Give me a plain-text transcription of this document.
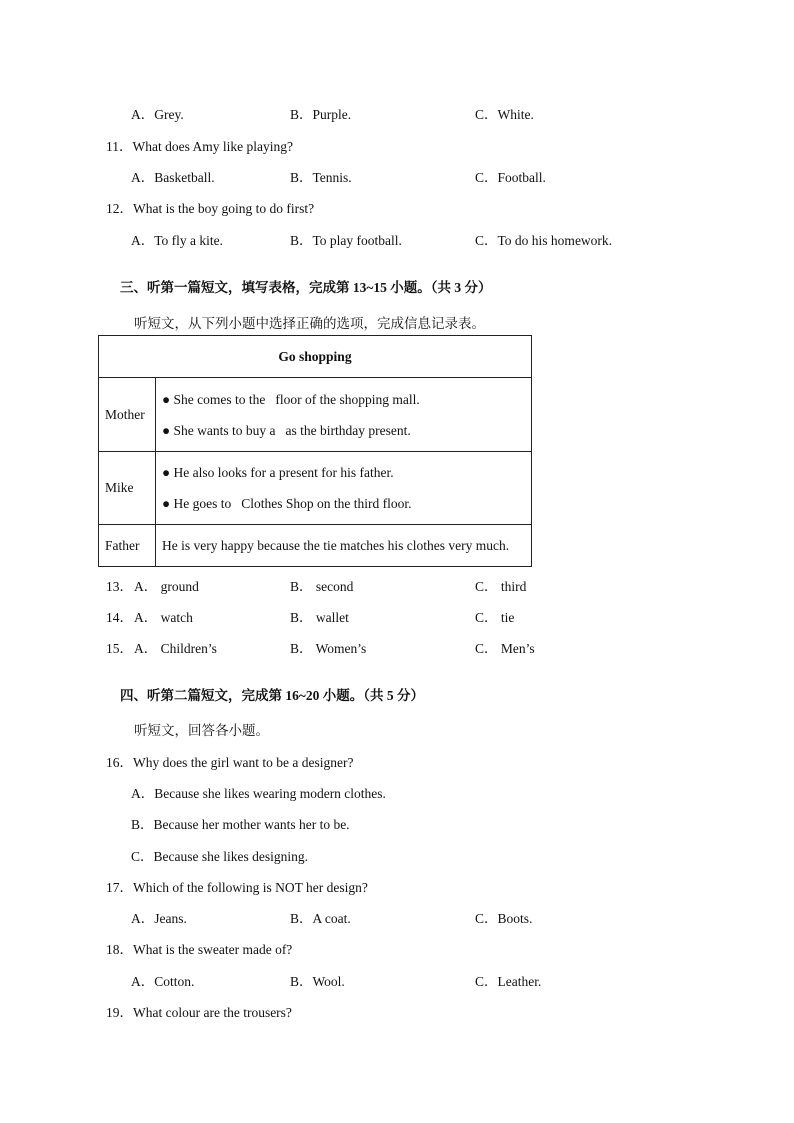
A．Grey.	B．Purple.	C．White.
11．What does Amy like playing?
A．Basketball.	B．Tennis.	C．Football.
12．What is the boy going to do first?
A．To fly a kite.	B．To play football.	C．To do his homework.
三、听第一篇短文，填写表格，完成第 13~15 小题。（共 3 分）
听短文，从下列小题中选择正确的选项，完成信息记录表。
Go shopping	
Mother	● She comes to the floor of the shopping mall.
● She wants to buy a as the birthday present.

Mike	● He also looks for a present for his father.
● He goes to Clothes Shop on the third floor.

Father	He is very happy because the tie matches his clothes very much.
13． A． ground	B． second	C． third
14． A． watch	B． wallet	C． tie
15． A． Children’s	B． Women’s	C． Men’s
四、听第二篇短文，完成第 16~20 小题。（共 5 分）
听短文，回答各小题。
16．Why does the girl want to be a designer?
A．Because she likes wearing modern clothes.
B．Because her mother wants her to be.
C．Because she likes designing.
17．Which of the following is NOT her design?
A．Jeans.	B．A coat.	C．Boots.
18．What is the sweater made of?
A．Cotton.	B．Wool.	C．Leather.
19．What colour are the trousers?
